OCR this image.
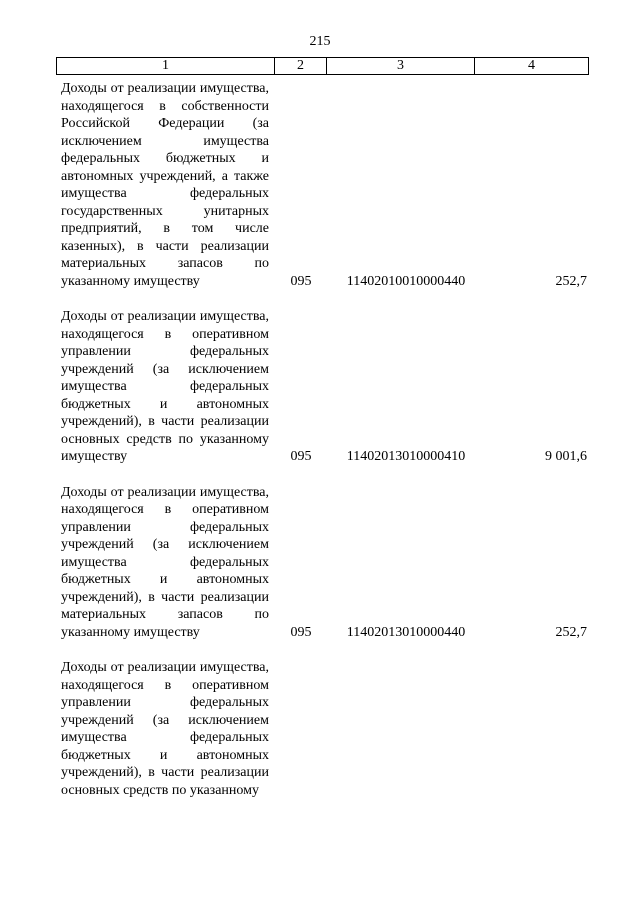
215
1	2	3	4
Доходы от реализации имущества, находящегося в собственности Российской Федерации (за исключением имущества федеральных бюджетных и автономных учреждений, а также имущества федеральных государственных унитарных предприятий, в том числе казенных), в части реализации материальных запасов по указанному имуществу	095	11402010010000440	252,7
Доходы от реализации имущества, находящегося в оперативном управлении федеральных учреждений (за исключением имущества федеральных бюджетных и автономных учреждений), в части реализации основных средств по указанному имуществу	095	11402013010000410	9 001,6
Доходы от реализации имущества, находящегося в оперативном управлении федеральных учреждений (за исключением имущества федеральных бюджетных и автономных учреждений), в части реализации материальных запасов по указанному имуществу	095	11402013010000440	252,7
Доходы от реализации имущества, находящегося в оперативном управлении федеральных учреждений (за исключением имущества федеральных бюджетных и автономных учреждений), в части реализации основных средств по указанному
